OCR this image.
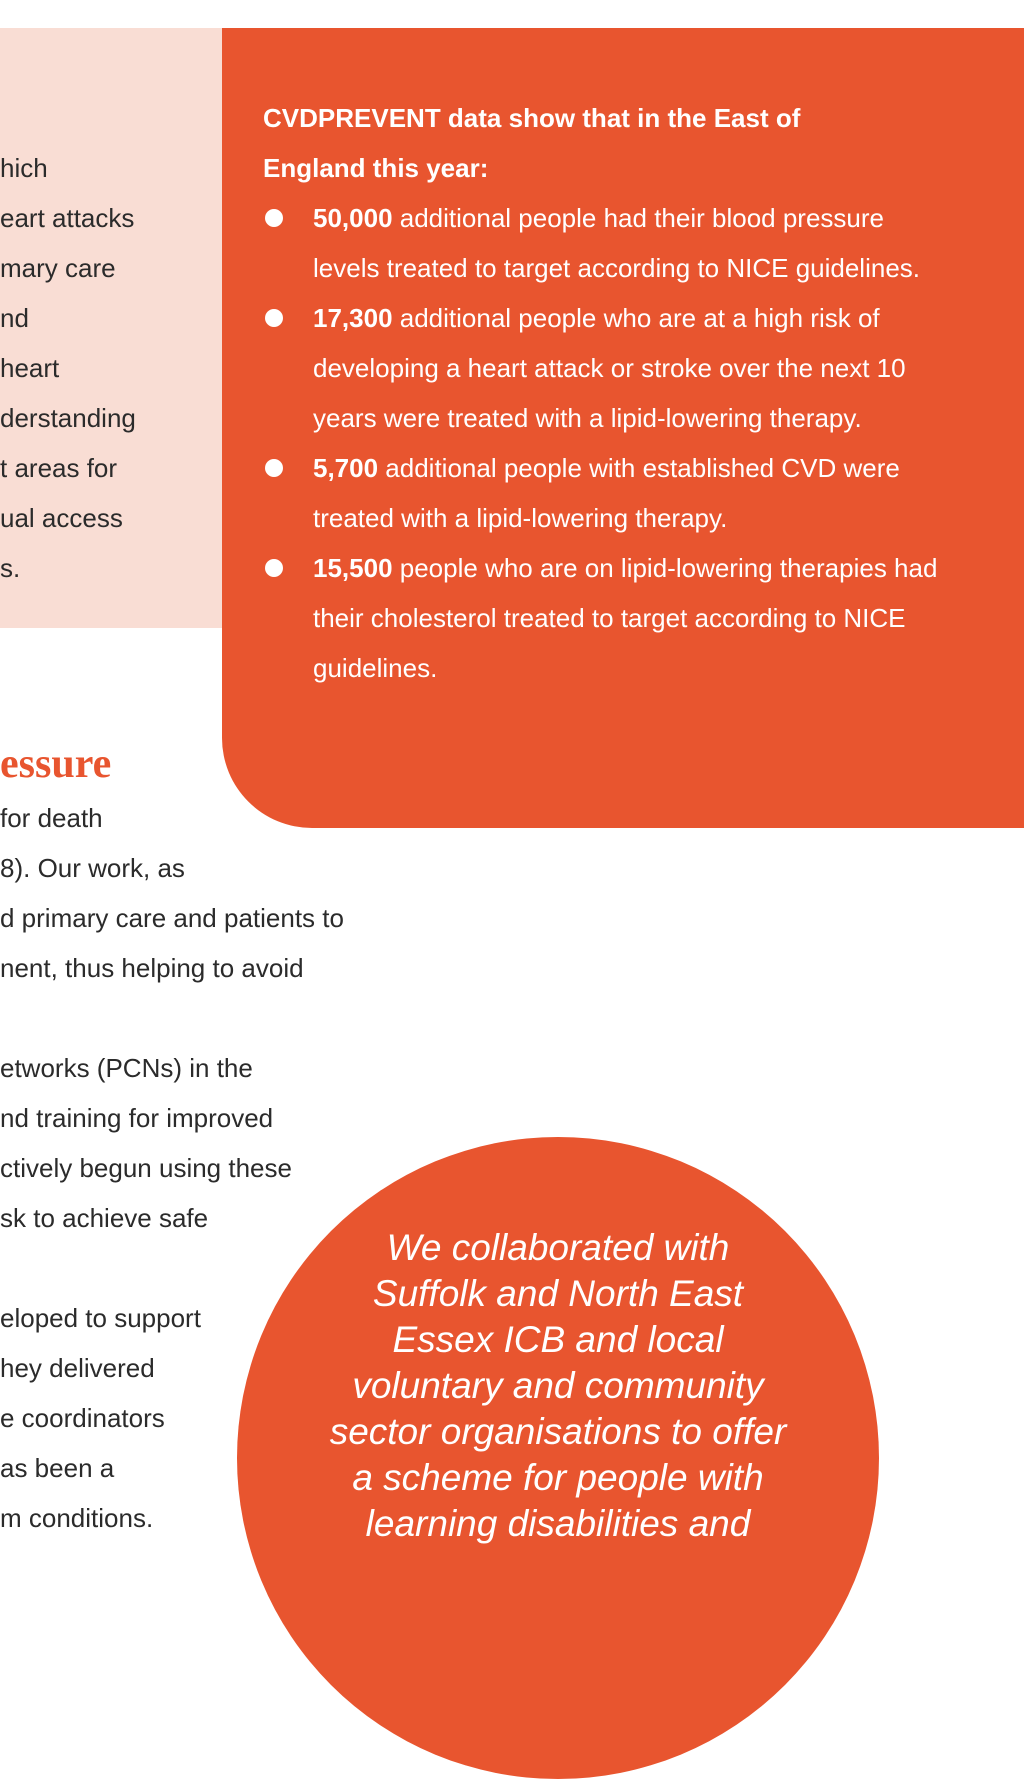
hich

eart attacks

mary care

nd

heart

derstanding

t areas for

ual access

s.

CVDPREVENT data show that in the East of
England this year:

50,000 additional people had their blood pressure levels treated to target according to NICE guidelines.
17,300 additional people who are at a high risk of developing a heart attack or stroke over the next 10 years were treated with a lipid-lowering therapy.
5,700 additional people with established CVD were treated with a lipid-lowering therapy.
15,500 people who are on lipid-lowering therapies had their cholesterol treated to target according to NICE guidelines.
essure

for death

8). Our work, as

d primary care and patients to

nent, thus helping to avoid

etworks (PCNs) in the

nd training for improved

ctively begun using these

sk to achieve safe

eloped to support

hey delivered

e coordinators

as been a

m conditions.

We collaborated with
Suffolk and North East
Essex ICB and local
voluntary and community
sector organisations to offer
a scheme for people with
learning disabilities and
